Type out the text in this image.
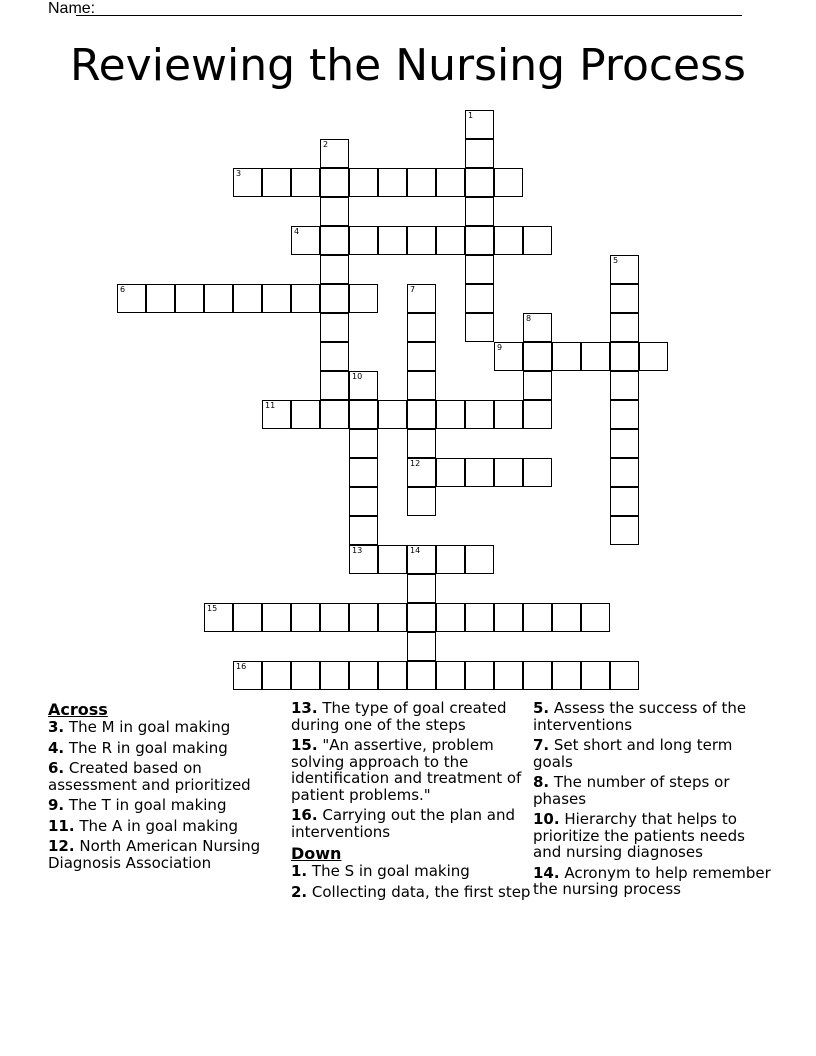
Name:
Reviewing the Nursing Process
1
2
3
4
5
6	7
12
8
9
10
13
11
14
15
16
Across
3. The M in goal making
4. The R in goal making
6. Created based on assessment and prioritized
9. The T in goal making
11. The A in goal making
12. North American Nursing Diagnosis Association
13. The type of goal created during one of the steps
15. "An assertive, problem solving approach to the identification and treatment of patient problems."
16. Carrying out the plan and interventions
Down
1. The S in goal making
2. Collecting data, the first step
5. Assess the success of the interventions
7. Set short and long term goals
8. The number of steps or phases
10. Hierarchy that helps to prioritize the patients needs and nursing diagnoses
14. Acronym to help remember the nursing process
